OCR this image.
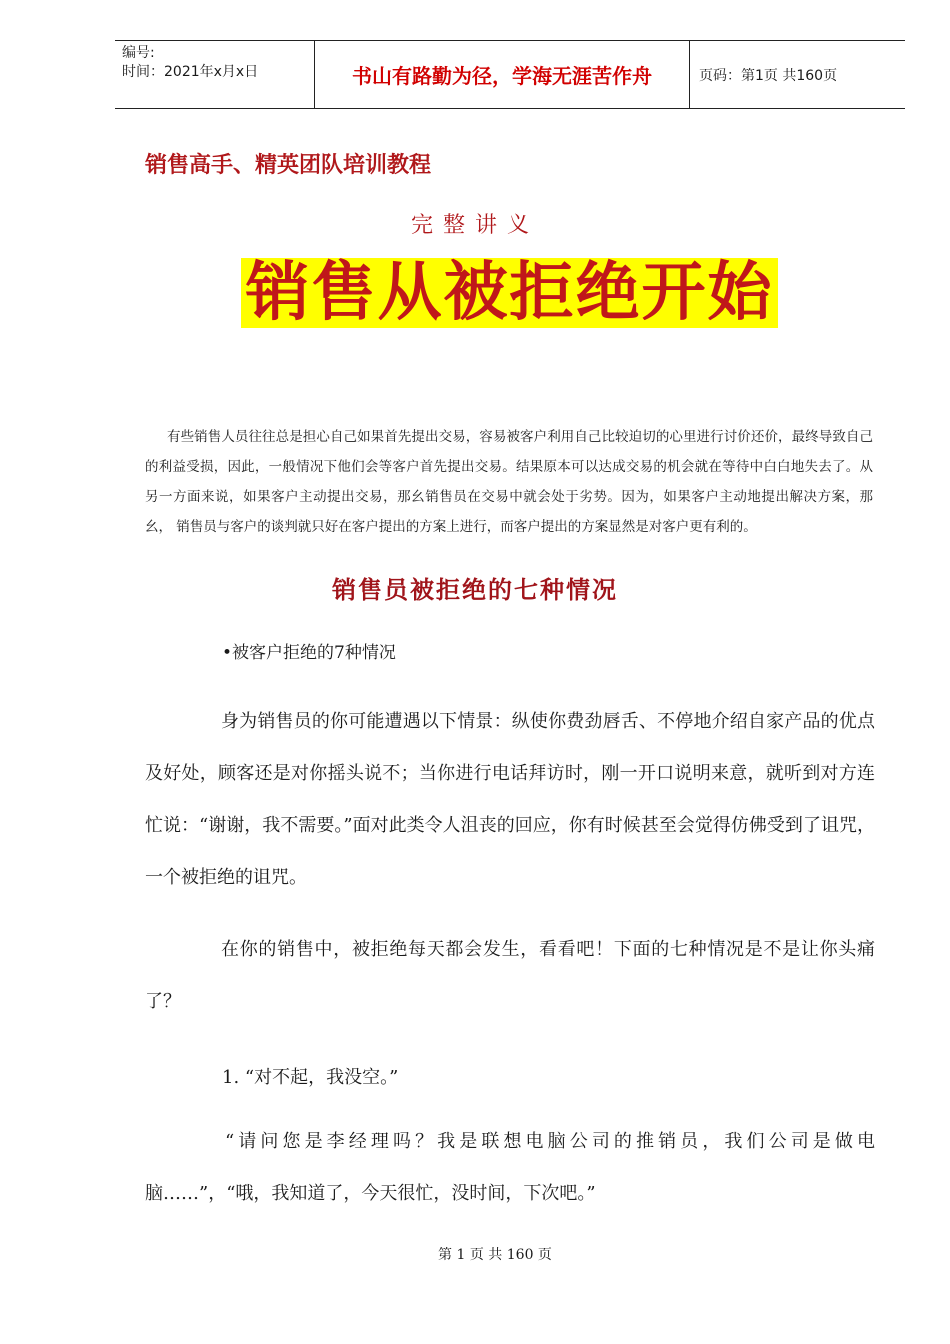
编号:
时间：2021年x月x日	书山有路勤为径，学海无涯苦作舟	页码：第1页 共160页
销售高手、精英团队培训教程
完整讲义
销售从被拒绝开始
有些销售人员往往总是担心自己如果首先提出交易，容易被客户利用自己比较迫切的心里进行讨价还价，最终导致自己的利益受损，因此，一般情况下他们会等客户首先提出交易。结果原本可以达成交易的机会就在等待中白白地失去了。从另一方面来说，如果客户主动提出交易，那幺销售员在交易中就会处于劣势。因为，如果客户主动地提出解决方案，那幺， 销售员与客户的谈判就只好在客户提出的方案上进行，而客户提出的方案显然是对客户更有利的。
销售员被拒绝的七种情况
•被客户拒绝的7种情况
身为销售员的你可能遭遇以下情景：纵使你费劲唇舌、不停地介绍自家产品的优点及好处，顾客还是对你摇头说不；当你进行电话拜访时，刚一开口说明来意，就听到对方连忙说：“谢谢，我不需要。”面对此类令人沮丧的回应，你有时候甚至会觉得仿佛受到了诅咒，一个被拒绝的诅咒。
在你的销售中，被拒绝每天都会发生，看看吧！下面的七种情况是不是让你头痛了？
1. “对不起，我没空。”
“请问您是李经理吗？我是联想电脑公司的推销员，我们公司是做电脑……”，“哦，我知道了，今天很忙，没时间，下次吧。”
第 1 页 共 160 页
